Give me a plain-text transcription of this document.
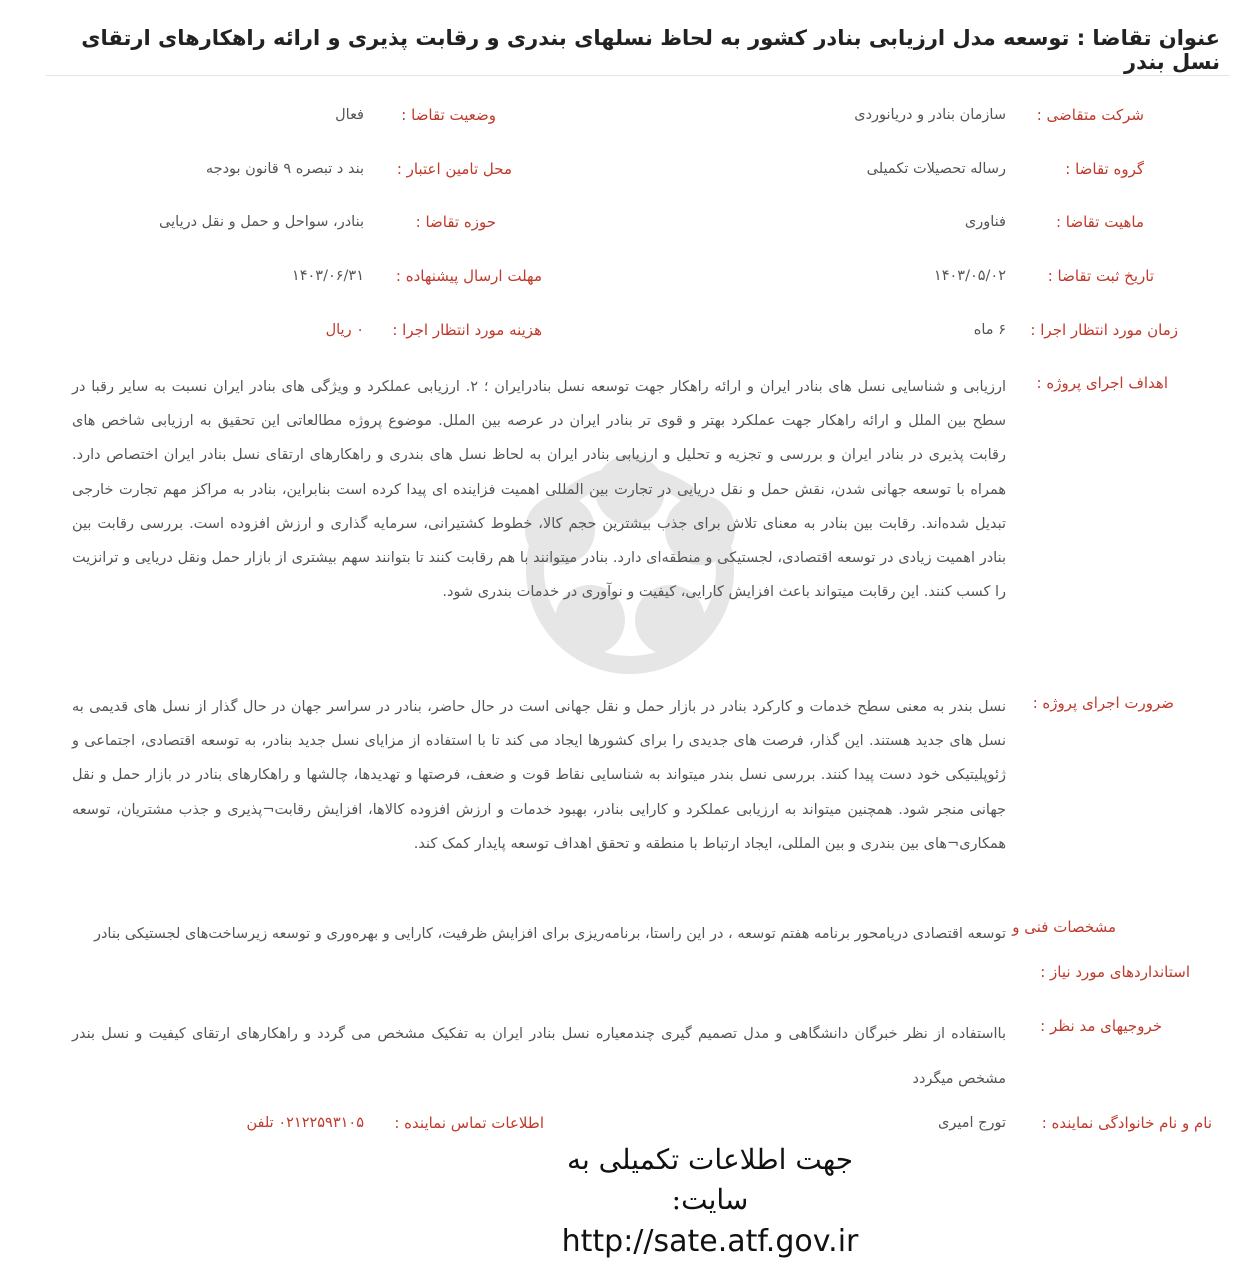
عنوان تقاضا : توسعه مدل ارزیابی بنادر کشور به لحاظ نسلهای بندری و رقابت پذیری و ارائه راهکارهای ارتقای نسل بندر
شرکت متقاضی :
سازمان بنادر و دریانوردی
وضعیت تقاضا :
فعال
گروه تقاضا :
رساله تحصیلات تکمیلی
محل تامین اعتبار :
بند د تبصره ۹ قانون بودجه
ماهیت تقاضا :
فناوری
حوزه تقاضا :
بنادر، سواحل و حمل و نقل دریایی
تاریخ ثبت تقاضا :
۱۴۰۳/۰۵/۰۲
مهلت ارسال پیشنهاده :
۱۴۰۳/۰۶/۳۱
زمان مورد انتظار اجرا :
۶ ماه
هزینه مورد انتظار اجرا :
۰ ریال
اهداف اجرای پروژه :
ارزیابی و شناسایی نسل های بنادر ایران و ارائه راهکار جهت توسعه نسل بنادرایران ؛ ۲. ارزیابی عملکرد و ویژگی های بنادر ایران نسبت به سایر رقبا در سطح بین الملل و ارائه راهکار جهت عملکرد بهتر و قوی تر بنادر ایران در عرصه بین الملل. موضوع پروژه مطالعاتی این تحقیق به ارزیابی شاخص های رقابت پذیری در بنادر ایران و بررسی و تجزیه و تحلیل و ارزیابی بنادر ایران به لحاظ نسل های بندری و راهکارهای ارتقای نسل بنادر ایران اختصاص دارد. همراه با توسعه جهانی شدن، نقش حمل و نقل دریایی در تجارت بین المللی اهمیت فزاینده ای پیدا کرده است بنابراین، بنادر به مراکز مهم تجارت خارجی تبدیل شده‌اند. رقابت بین بنادر به معنای تلاش برای جذب بیشترین حجم کالا، خطوط کشتیرانی، سرمایه گذاری و ارزش افزوده است. بررسی رقابت بین بنادر اهمیت زیادی در توسعه اقتصادی، لجستیکی و منطقه‌ای دارد. بنادر میتوانند با هم رقابت کنند تا بتوانند سهم بیشتری از بازار حمل ونقل دریایی و ترانزیت را کسب کنند. این رقابت میتواند باعث افزایش کارایی، کیفیت و نوآوری در خدمات بندری شود.
ضرورت اجرای پروژه :
نسل بندر به معنی سطح خدمات و کارکرد بنادر در بازار حمل و نقل جهانی است در حال حاضر، بنادر در سراسر جهان در حال گذار از نسل های قدیمی به نسل های جدید هستند. این گذار، فرصت های جدیدی را برای کشورها ایجاد می کند تا با استفاده از مزایای نسل جدید بنادر، به توسعه اقتصادی، اجتماعی و ژئوپلیتیکی خود دست پیدا کنند. بررسی نسل بندر میتواند به شناسایی نقاط قوت و ضعف، فرصتها و تهدیدها، چالشها و راهکارهای بنادر در بازار حمل و نقل جهانی منجر شود. همچنین میتواند به ارزیابی عملکرد و کارایی بنادر، بهبود خدمات و ارزش افزوده کالاها، افزایش رقابت¬پذیری و جذب مشتریان، توسعه همکاری¬های بین بندری و بین المللی، ایجاد ارتباط با منطقه و تحقق اهداف توسعه پایدار کمک کند.
مشخصات فنی و
استانداردهای مورد نیاز :
توسعه اقتصادی دریامحور برنامه هفتم توسعه ، در این راستا، برنامه‌ریزی برای افزایش ظرفیت، کارایی و بهره‌وری و توسعه زیرساخت‌های لجستیکی بنادر
خروجیهای مد نظر :
بااستفاده از نظر خبرگان دانشگاهی و مدل تصمیم گیری چندمعیاره نسل بنادر ایران به تفکیک مشخص می گردد و راهکارهای ارتقای کیفیت و نسل بندر مشخص میگردد
نام و نام خانوادگی نماینده :
تورج امیری
اطلاعات تماس نماینده :
۰۲۱۲۲۵۹۳۱۰۵ تلفن
جهت اطلاعات تکمیلی به سایت:
http://sate.atf.gov.ir
